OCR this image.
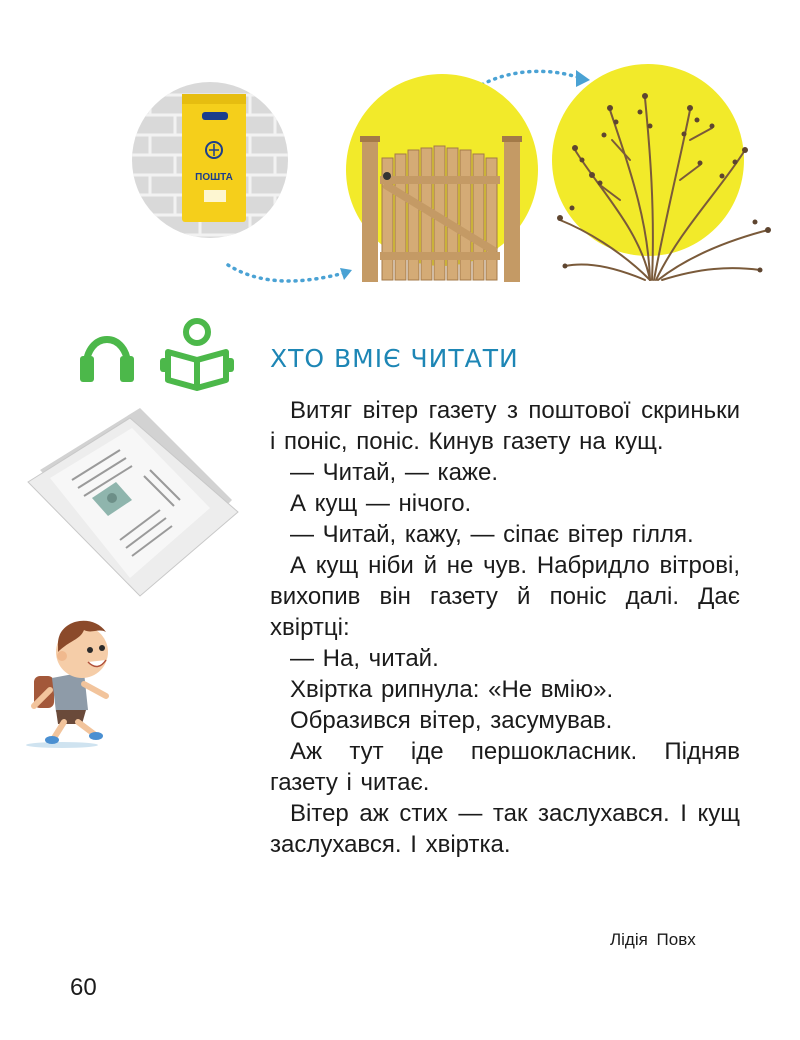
ПОШТА
ХТО ВМІЄ ЧИТАТИ

Витяг вітер газету з поштової скриньки і поніс, поніс. Кинув газету на кущ.

— Читай, — каже.

А кущ — нічого.

— Читай, кажу, — сіпає вітер гілля.

А кущ ніби й не чув. Набридло вітрові, вихопив він газету й поніс далі. Дає хвіртці:

— На, читай.

Хвіртка рипнула: «Не вмію».

Образився вітер, засумував.

Аж тут іде першокласник. Підняв газету і читає.

Вітер аж стих — так заслухався. І кущ заслухався. І хвіртка.

Лідія Повх
60
